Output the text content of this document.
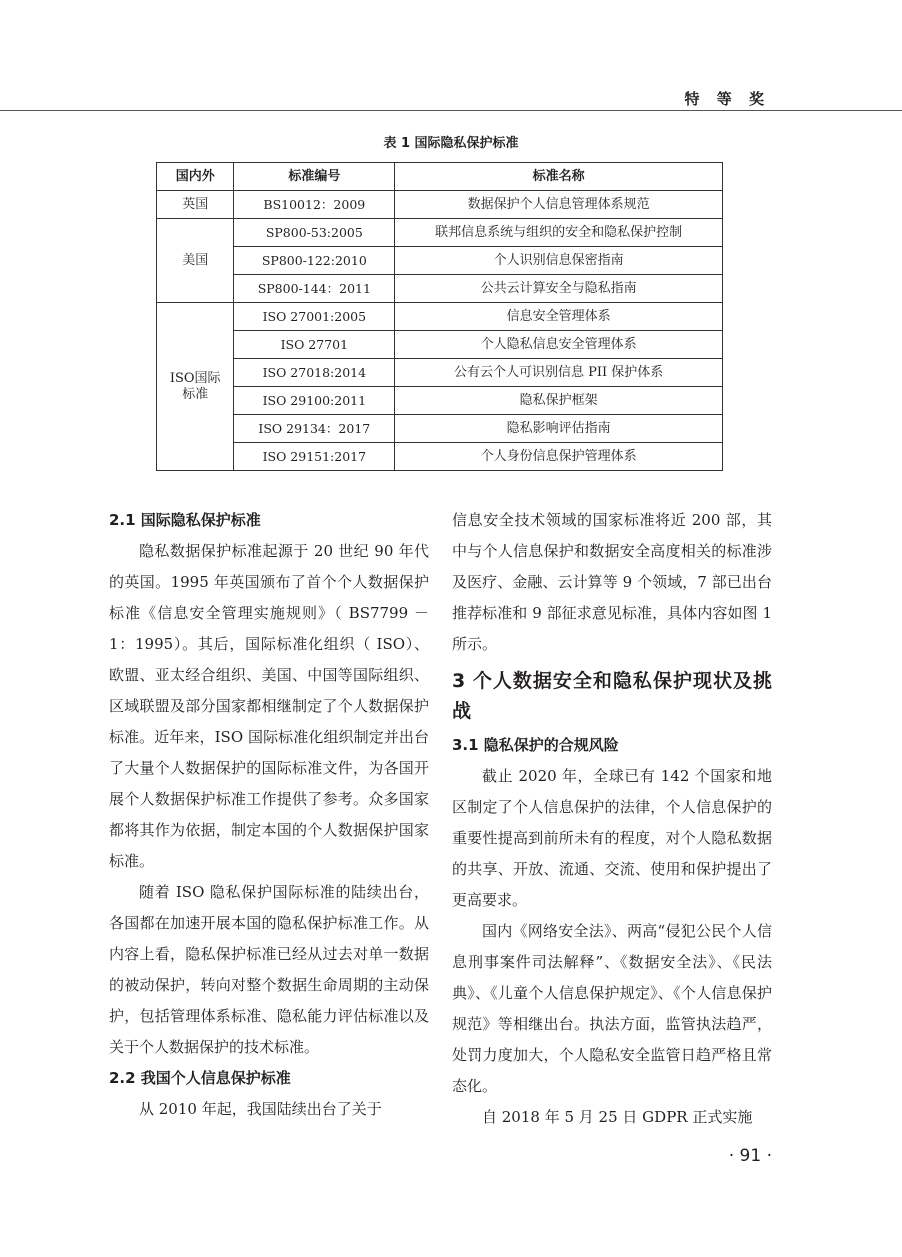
特 等 奖
表 1 国际隐私保护标准
国内外	标准编号	标准名称
英国	BS10012：2009	数据保护个人信息管理体系规范
美国	SP800-53:2005	联邦信息系统与组织的安全和隐私保护控制
	SP800-122:2010	个人识别信息保密指南
	SP800-144：2011	公共云计算安全与隐私指南
ISO国际标准	ISO 27001:2005	信息安全管理体系
	ISO 27701	个人隐私信息安全管理体系
	ISO 27018:2014	公有云个人可识别信息 PII 保护体系
	ISO 29100:2011	隐私保护框架
	ISO 29134：2017	隐私影响评估指南
	ISO 29151:2017	个人身份信息保护管理体系
2.1 国际隐私保护标准

隐私数据保护标准起源于 20 世纪 90 年代的英国。1995 年英国颁布了首个个人数据保护标准《信息安全管理实施规则》（ BS7799 － 1：1995）。其后，国际标准化组织（ ISO）、欧盟、亚太经合组织、美国、中国等国际组织、区域联盟及部分国家都相继制定了个人数据保护标准。近年来，ISO 国际标准化组织制定并出台了大量个人数据保护的国际标准文件，为各国开展个人数据保护标准工作提供了参考。众多国家都将其作为依据，制定本国的个人数据保护国家标准。

随着 ISO 隐私保护国际标准的陆续出台，各国都在加速开展本国的隐私保护标准工作。从内容上看，隐私保护标准已经从过去对单一数据的被动保护，转向对整个数据生命周期的主动保护，包括管理体系标准、隐私能力评估标准以及关于个人数据保护的技术标准。

2.2 我国个人信息保护标准

从 2010 年起，我国陆续出台了关于

信息安全技术领域的国家标准将近 200 部，其中与个人信息保护和数据安全高度相关的标准涉及医疗、金融、云计算等 9 个领域，7 部已出台推荐标准和 9 部征求意见标准，具体内容如图 1 所示。

3 个人数据安全和隐私保护现状及挑战
3.1 隐私保护的合规风险

截止 2020 年，全球已有 142 个国家和地区制定了个人信息保护的法律，个人信息保护的重要性提高到前所未有的程度，对个人隐私数据的共享、开放、流通、交流、使用和保护提出了更高要求。

国内《网络安全法》、两高“侵犯公民个人信息刑事案件司法解释”、《数据安全法》、《民法典》、《儿童个人信息保护规定》、《个人信息保护规范》等相继出台。执法方面，监管执法趋严，处罚力度加大，个人隐私安全监管日趋严格且常态化。

自 2018 年 5 月 25 日 GDPR 正式实施

· 91 ·
